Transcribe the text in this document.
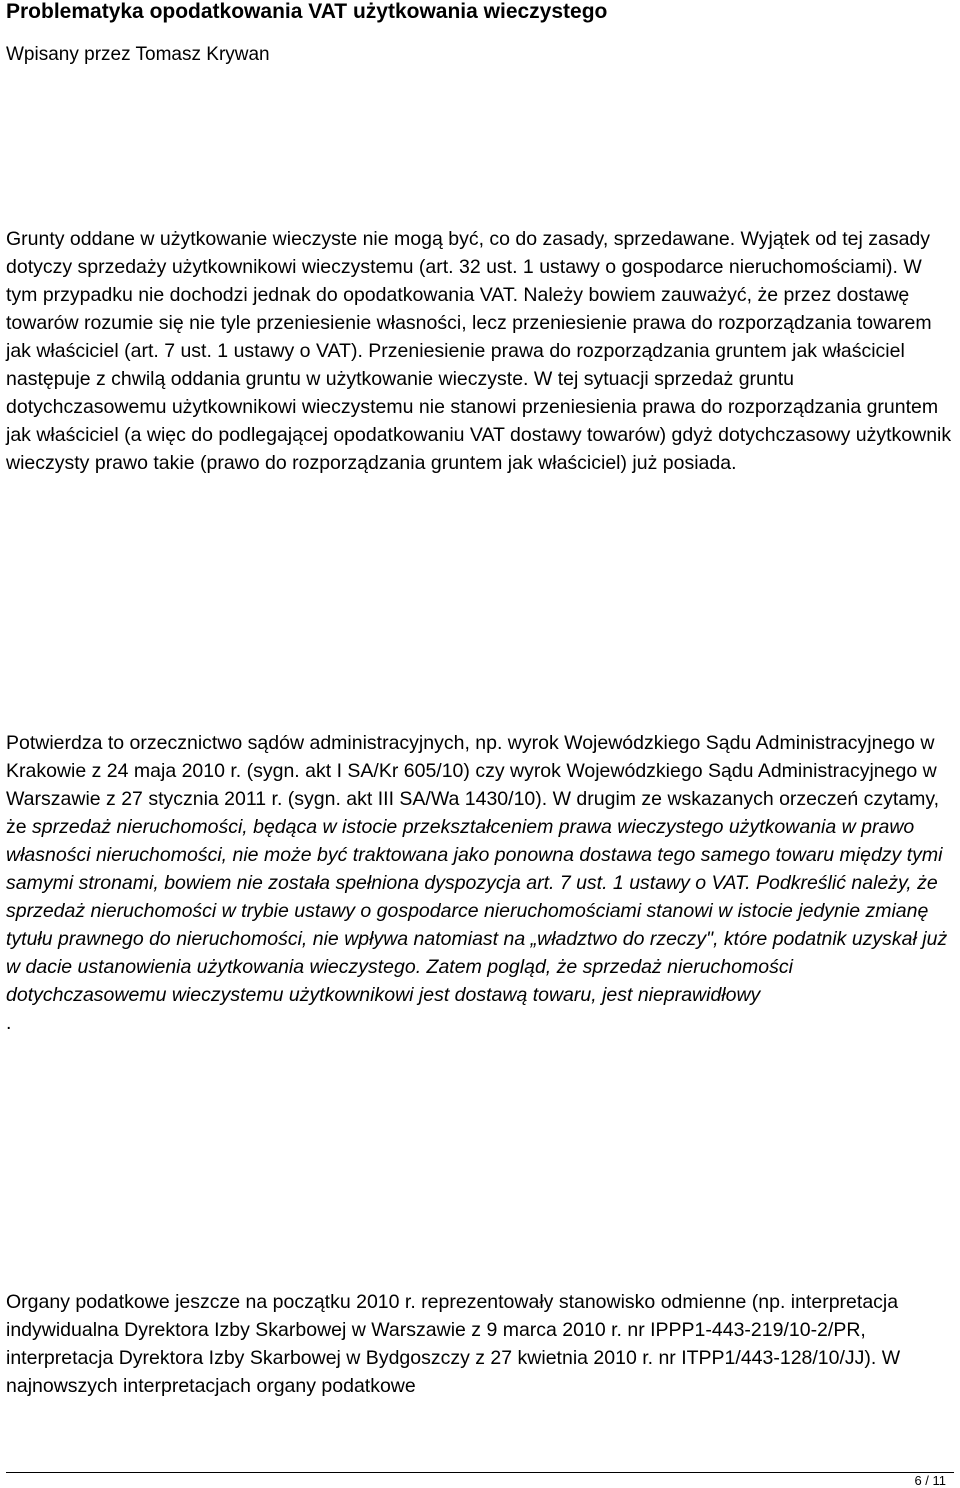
Problematyka opodatkowania VAT użytkowania wieczystego
Wpisany przez Tomasz Krywan

Grunty oddane w użytkowanie wieczyste nie mogą być, co do zasady, sprzedawane. Wyjątek od tej zasady dotyczy sprzedaży użytkownikowi wieczystemu (art. 32 ust. 1 ustawy o gospodarce nieruchomościami). W tym przypadku nie dochodzi jednak do opodatkowania VAT. Należy bowiem zauważyć, że przez dostawę towarów rozumie się nie tyle przeniesienie własności, lecz przeniesienie prawa do rozporządzania towarem jak właściciel (art. 7 ust. 1 ustawy o VAT). Przeniesienie prawa do rozporządzania gruntem jak właściciel następuje z chwilą oddania gruntu w użytkowanie wieczyste. W tej sytuacji sprzedaż gruntu dotychczasowemu użytkownikowi wieczystemu nie stanowi przeniesienia prawa do rozporządzania gruntem jak właściciel (a więc do podlegającej opodatkowaniu VAT dostawy towarów) gdyż dotychczasowy użytkownik wieczysty prawo takie (prawo do rozporządzania gruntem jak właściciel) już posiada.

Potwierdza to orzecznictwo sądów administracyjnych, np. wyrok Wojewódzkiego Sądu Administracyjnego w Krakowie z 24 maja 2010 r. (sygn. akt I SA/Kr 605/10) czy wyrok Wojewódzkiego Sądu Administracyjnego w Warszawie z 27 stycznia 2011 r. (sygn. akt III SA/Wa 1430/10). W drugim ze wskazanych orzeczeń czytamy, że sprzedaż nieruchomości, będąca w istocie przekształceniem prawa wieczystego użytkowania w prawo własności nieruchomości, nie może być traktowana jako ponowna dostawa tego samego towaru między tymi samymi stronami, bowiem nie została spełniona dyspozycja art. 7 ust. 1 ustawy o VAT. Podkreślić należy, że sprzedaż nieruchomości w trybie ustawy o gospodarce nieruchomościami stanowi w istocie jedynie zmianę tytułu prawnego do nieruchomości, nie wpływa natomiast na „władztwo do rzeczy", które podatnik uzyskał już w dacie ustanowienia użytkowania wieczystego. Zatem pogląd, że sprzedaż nieruchomości dotychczasowemu wieczystemu użytkownikowi jest dostawą towaru, jest nieprawidłowy
.

Organy podatkowe jeszcze na początku 2010 r. reprezentowały stanowisko odmienne (np. interpretacja indywidualna Dyrektora Izby Skarbowej w Warszawie z 9 marca 2010 r. nr IPPP1-443-219/10-2/PR, interpretacja Dyrektora Izby Skarbowej w Bydgoszczy z 27 kwietnia 2010 r. nr ITPP1/443-128/10/JJ). W najnowszych interpretacjach organy podatkowe

6 / 11
